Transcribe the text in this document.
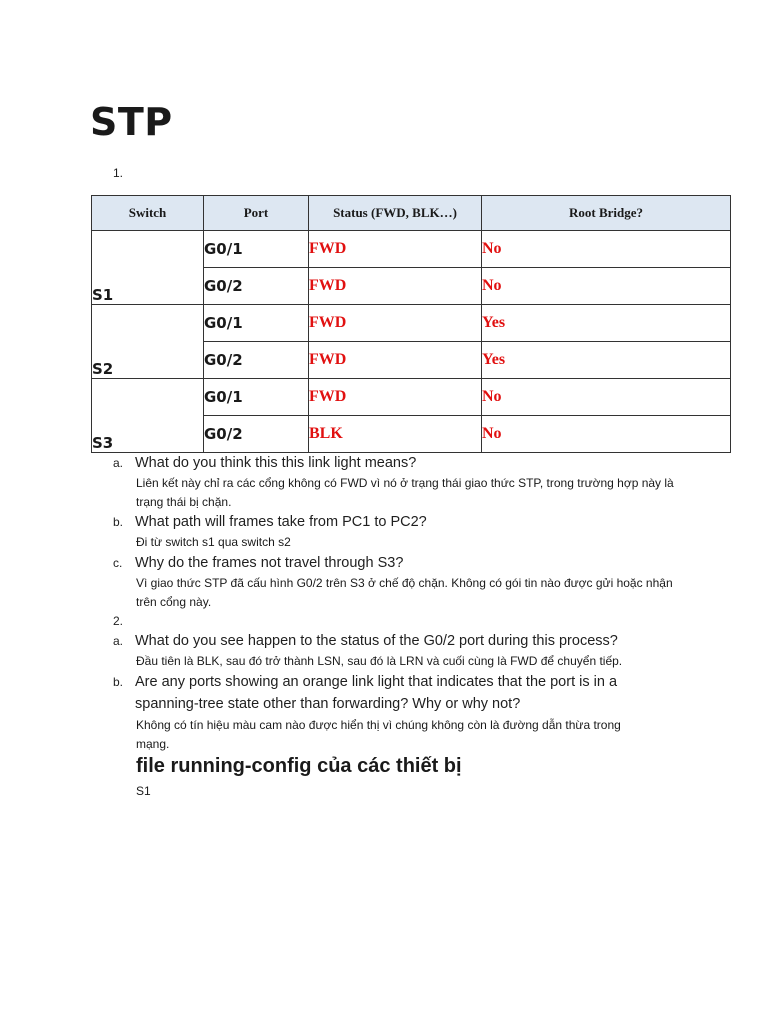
STP
1.
Switch	Port	Status (FWD, BLK…)	Root Bridge?
S1	G0/1	FWD	No
	G0/2	FWD	No
S2	G0/1	FWD	Yes
	G0/2	FWD	Yes
S3	G0/1	FWD	No
	G0/2	BLK	No
a. What do you think this this link light means?
Liên kết này chỉ ra các cổng không có FWD vì nó ở trạng thái giao thức STP, trong trường hợp này là trạng thái bị chặn.
b. What path will frames take from PC1 to PC2?
Đi từ switch s1 qua switch s2
c. Why do the frames not travel through S3?
Vì giao thức STP đã cấu hình G0/2 trên S3 ở chế độ chặn. Không có gói tin nào được gửi hoặc nhận trên cổng này.
2.
a. What do you see happen to the status of the G0/2 port during this process?
Đầu tiên là BLK, sau đó trở thành LSN, sau đó là LRN và cuối cùng là FWD để chuyển tiếp.
b. Are any ports showing an orange link light that indicates that the port is in a
spanning-tree state other than forwarding? Why or why not?
Không có tín hiệu màu cam nào được hiển thị vì chúng không còn là đường dẫn thừa trong mạng.
file running-config của các thiết bị
S1
